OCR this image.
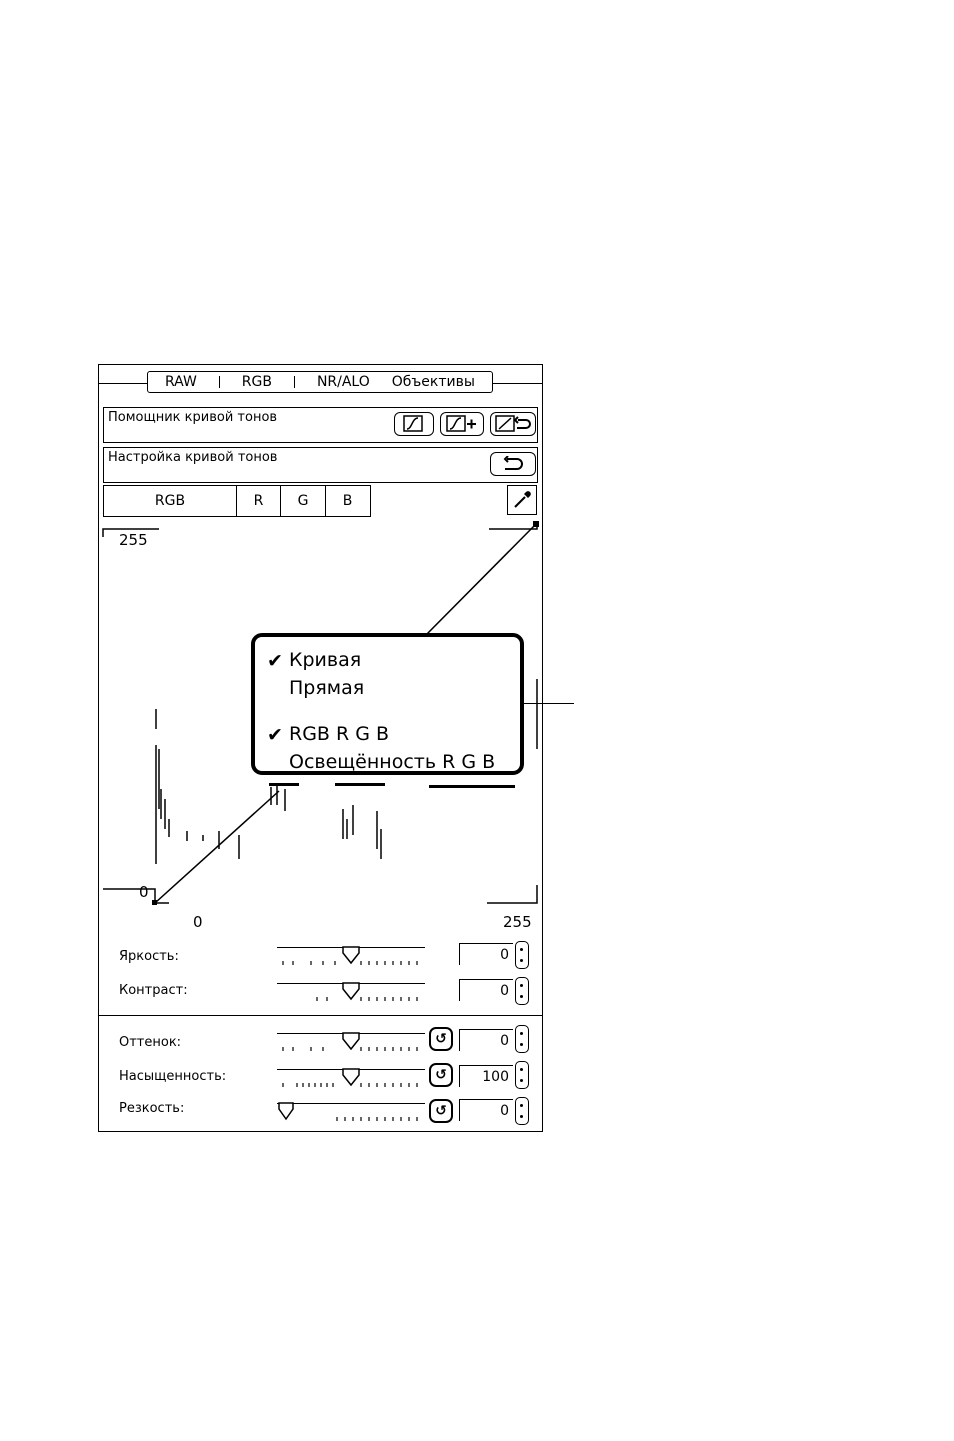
RAW	RGB	NR/ALO Объективы
Помощник кривой тонов
Настройка кривой тонов
RGB	R	G	B
255
0
0	255
Яркость:	0
Контраст:	0
Оттенок:	↺	0
Насыщенность:	↺	100
Резкость:	↺	0
✔ Кривая
Прямая
✔ RGB R G B
Освещённость R G B
